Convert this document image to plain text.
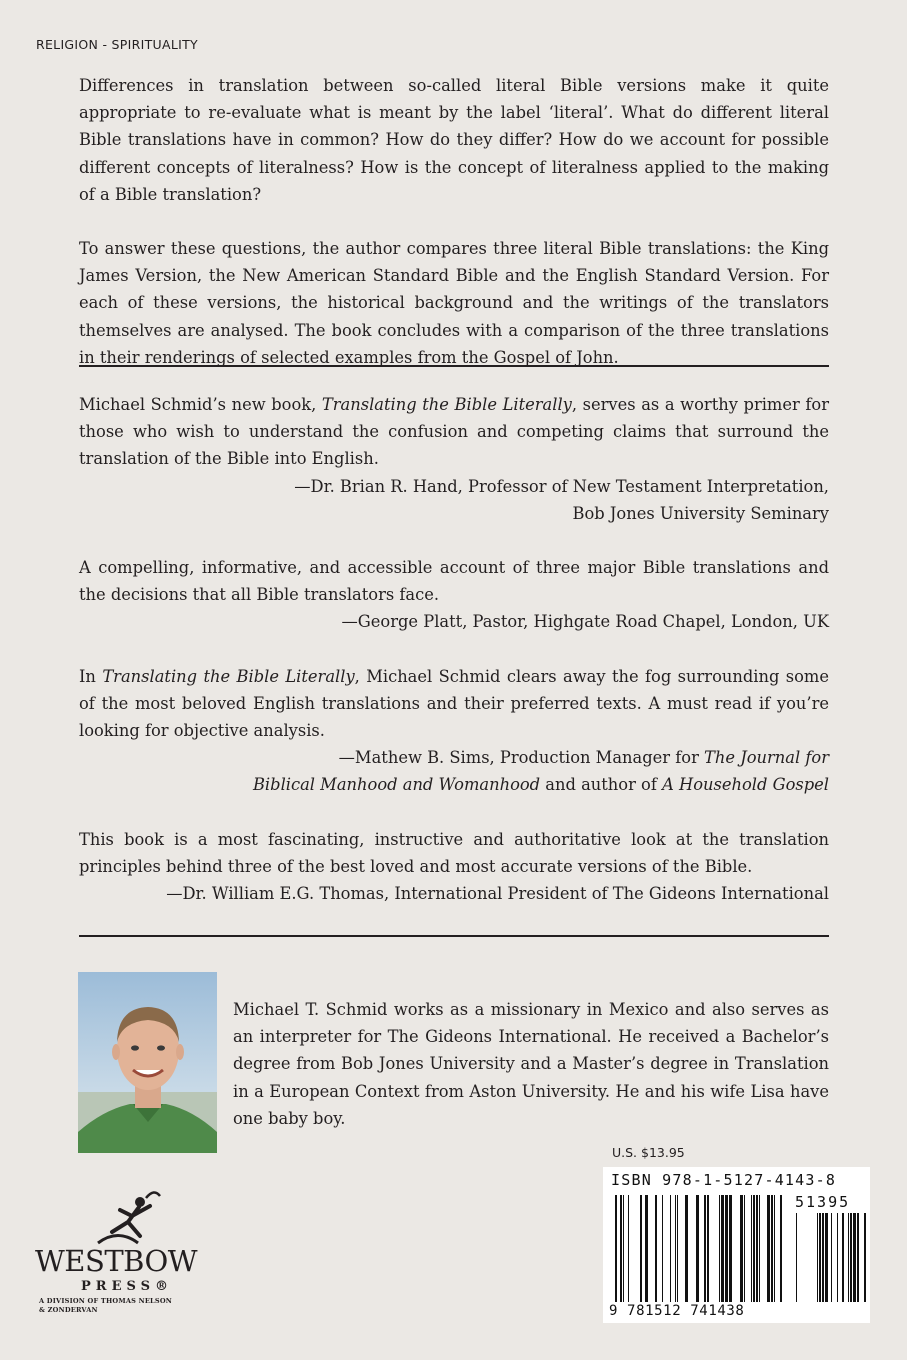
RELIGION - SPIRITUALITY

Differences in translation between so-called literal Bible versions make it quite appropriate to re-evaluate what is meant by the label ‘literal’. What do different literal Bible translations have in common? How do they differ? How do we account for possible different concepts of literalness? How is the concept of literalness applied to the making of a Bible translation?

To answer these questions, the author compares three literal Bible translations: the King James Version, the New American Standard Bible and the English Standard Version. For each of these versions, the historical background and the writings of the translators themselves are analysed. The book concludes with a comparison of the three translations in their renderings of selected examples from the Gospel of John.

Michael Schmid’s new book, Translating the Bible Literally, serves as a worthy primer for those who wish to understand the confusion and competing claims that surround the translation of the Bible into English.

—Dr. Brian R. Hand, Professor of New Testament Interpretation,
Bob Jones University Seminary

A compelling, informative, and accessible account of three major Bible translations and the decisions that all Bible translators face.

—George Platt, Pastor, Highgate Road Chapel, London, UK

In Translating the Bible Literally, Michael Schmid clears away the fog surrounding some of the most beloved English translations and their preferred texts. A must read if you’re looking for objective analysis.

—Mathew B. Sims, Production Manager for The Journal for
Biblical Manhood and Womanhood and author of A Household Gospel

This book is a most fascinating, instructive and authoritative look at the translation principles behind three of the best loved and most accurate versions of the Bible.

—Dr. William E.G. Thomas, International President of The Gideons International

Michael T. Schmid works as a missionary in Mexico and also serves as an interpreter for The Gideons International. He received a Bachelor’s degree from Bob Jones University and a Master’s degree in Translation in a European Context from Aston University. He and his wife Lisa have one baby boy.

WESTBOW
PRESS®
A DIVISION OF THOMAS NELSON
& ZONDERVAN
U.S. $13.95
ISBN 978-1-5127-4143-8
51395
9 781512 741438
